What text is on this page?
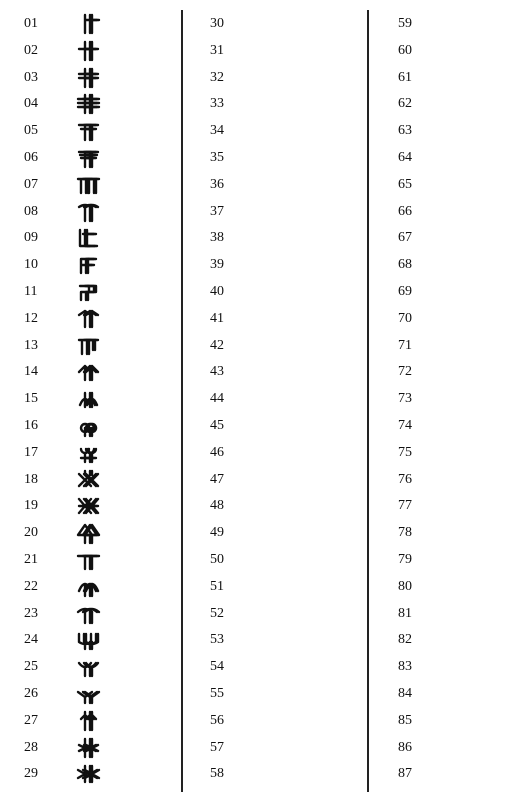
01
02
03
04
05
06
07
08
09
10
11
12
13
14
15
16
17
18
19
20
21
22
23
24
25
26
27
28
29
30
31
32
33
34
35
36
37
38
39
40
41
42
43
44
45
46
47
48
49
50
51
52
53
54
55
56
57
58
59
60
61
62
63
64
65
66
67
68
69
70
71
72
73
74
75
76
77
78
79
80
81
82
83
84
85
86
87
